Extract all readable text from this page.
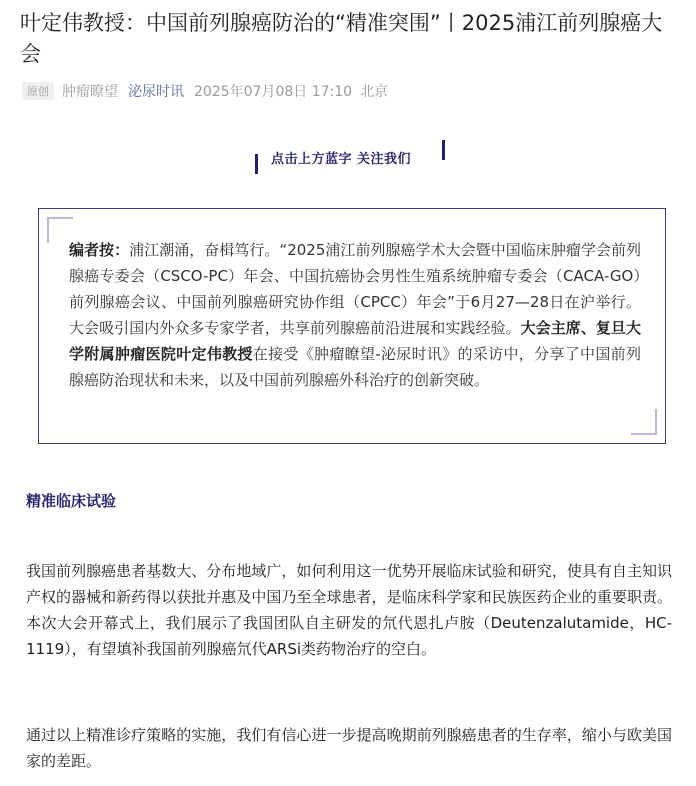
叶定伟教授：中国前列腺癌防治的“精准突围”丨2025浦江前列腺癌大会
原创 肿瘤瞭望 泌尿时讯 2025年07月08日 17:10 北京
点击上方蓝字 关注我们

编者按：浦江潮涌，奋楫笃行。“2025浦江前列腺癌学术大会暨中国临床肿瘤学会前列腺癌专委会（CSCO-PC）年会、中国抗癌协会男性生殖系统肿瘤专委会（CACA-GO）前列腺癌会议、中国前列腺癌研究协作组（CPCC）年会”于6月27—28日在沪举行。大会吸引国内外众多专家学者，共享前列腺癌前沿进展和实践经验。大会主席、复旦大学附属肿瘤医院叶定伟教授在接受《肿瘤瞭望-泌尿时讯》的采访中，分享了中国前列腺癌防治现状和未来，以及中国前列腺癌外科治疗的创新突破。

精准临床试验

我国前列腺癌患者基数大、分布地域广，如何利用这一优势开展临床试验和研究，使具有自主知识产权的器械和新药得以获批并惠及中国乃至全球患者，是临床科学家和民族医药企业的重要职责。本次大会开幕式上，我们展示了我国团队自主研发的氘代恩扎卢胺（Deutenzalutamide，HC-1119），有望填补我国前列腺癌氘代ARSi类药物治疗的空白。

通过以上精准诊疗策略的实施，我们有信心进一步提高晚期前列腺癌患者的生存率，缩小与欧美国家的差距。
